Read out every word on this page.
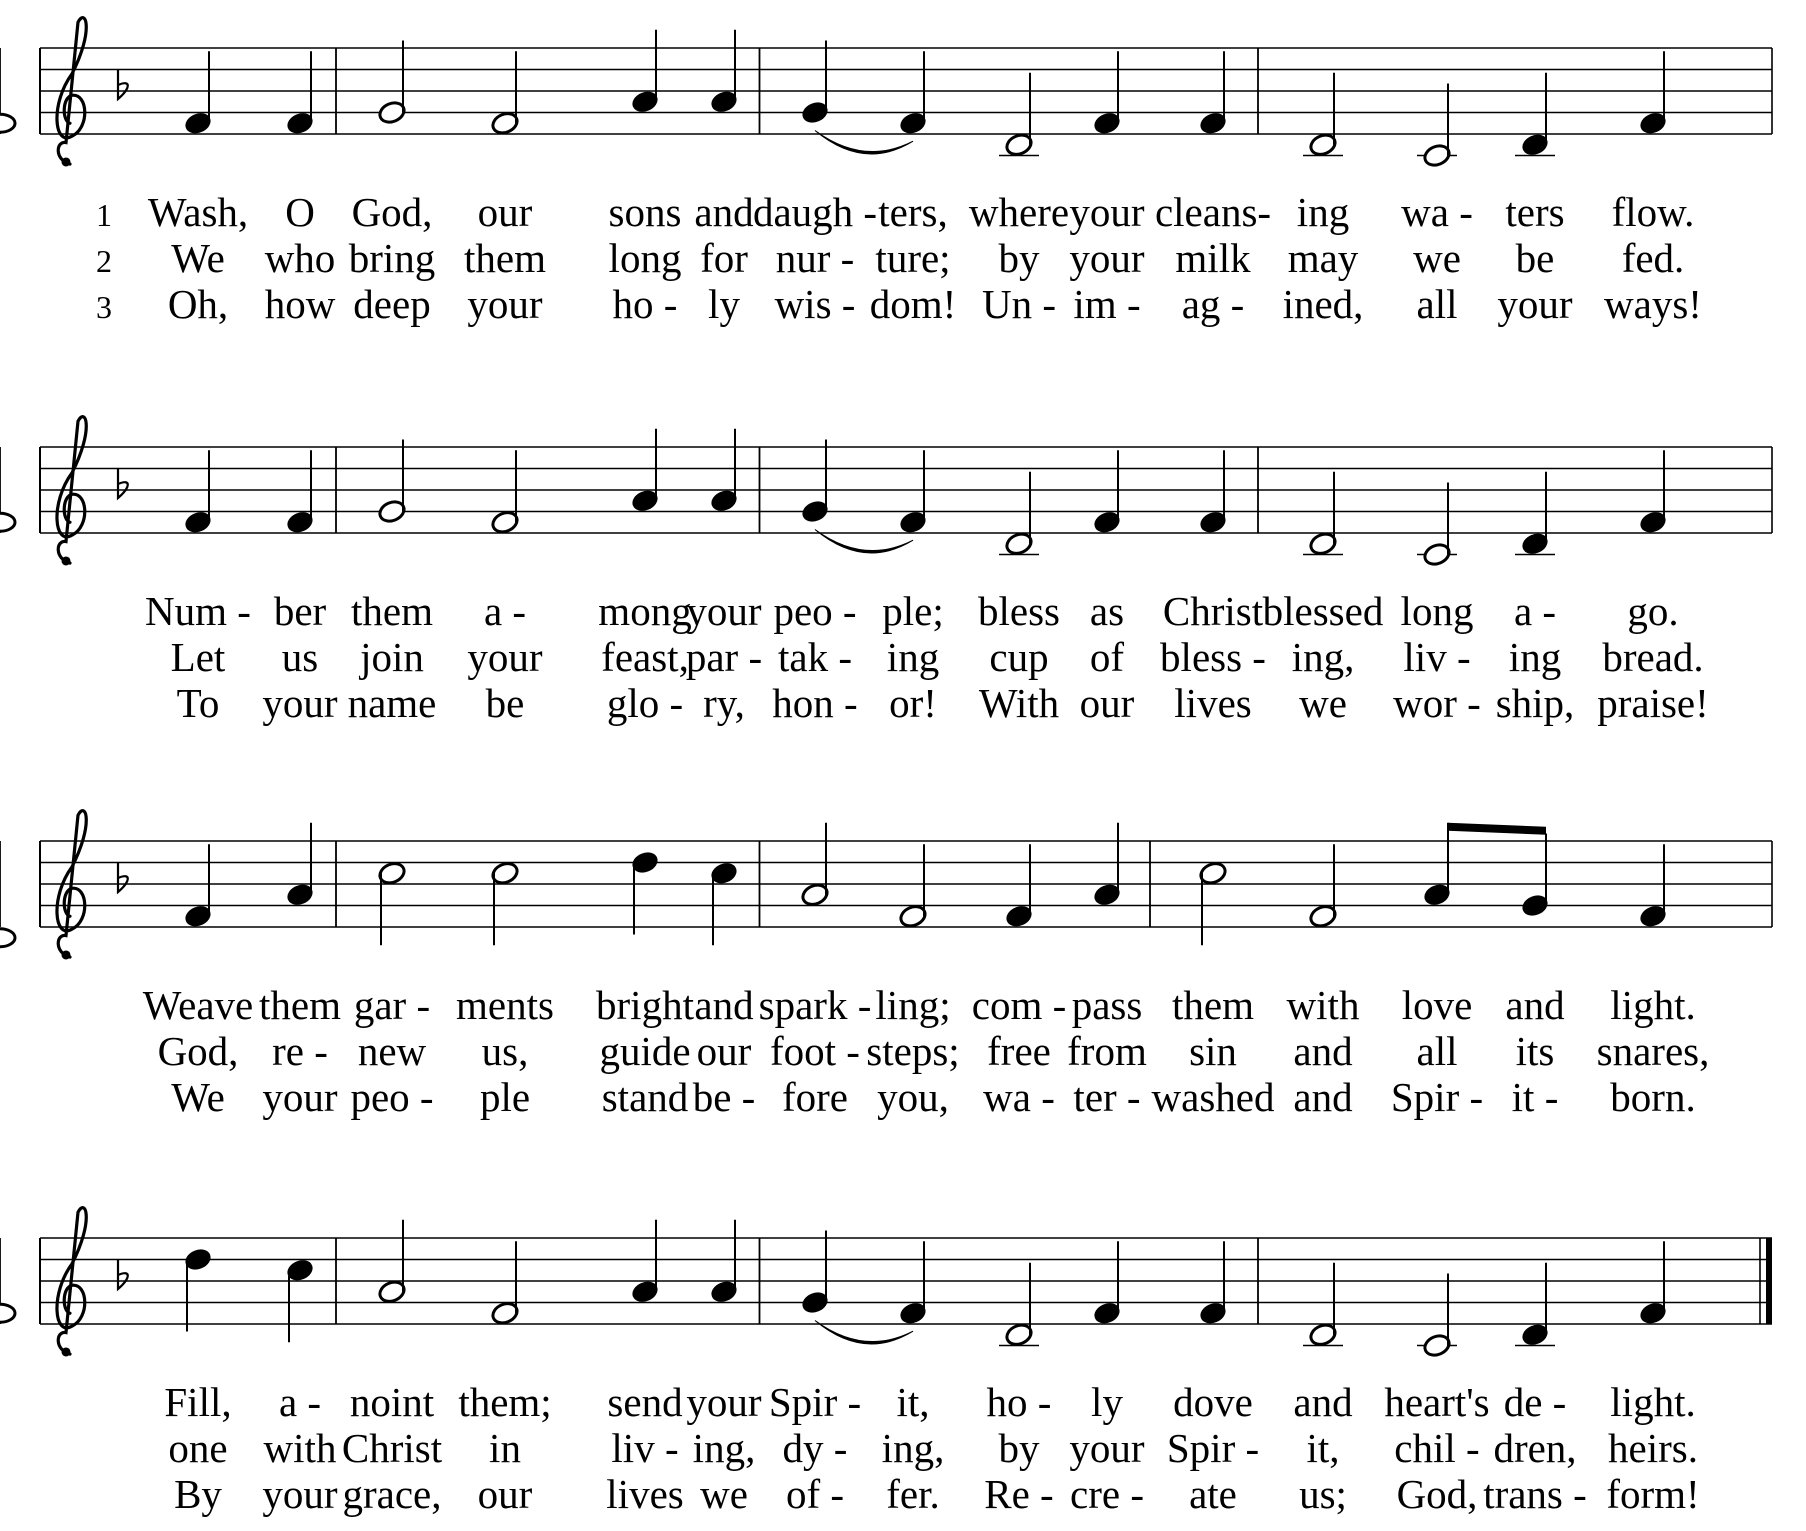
1 Wash, O God, our sons and daugh - ters, where your cleans- ing wa - ters flow.
2 We who bring them long for nur - ture; by your milk may we be fed.
3 Oh, how deep your ho - ly wis - dom! Un - im - ag - ined, all your ways!
Num - ber them a - mong
your peo - ple; bless as Christ blessed long a - go.
Let us join your feast,
par - tak - ing cup of bless - ing, liv - ing bread.
To your name be glo - ry, hon - or! With our lives we wor - ship, praise!
Weave them gar - ments bright and spark - ling; com - pass them with love and light.
God, re - new us, guide our foot - steps; free from sin and all its snares,
We your peo - ple stand be - fore you, wa - ter - washed and Spir - it - born.
Fill, a - noint them; send your Spir - it, ho - ly dove and heart's de - light.
one with Christ in liv - ing, dy - ing, by your Spir - it, chil - dren, heirs.
By your grace, our lives we of - fer. Re - cre - ate us; God, trans - form!
